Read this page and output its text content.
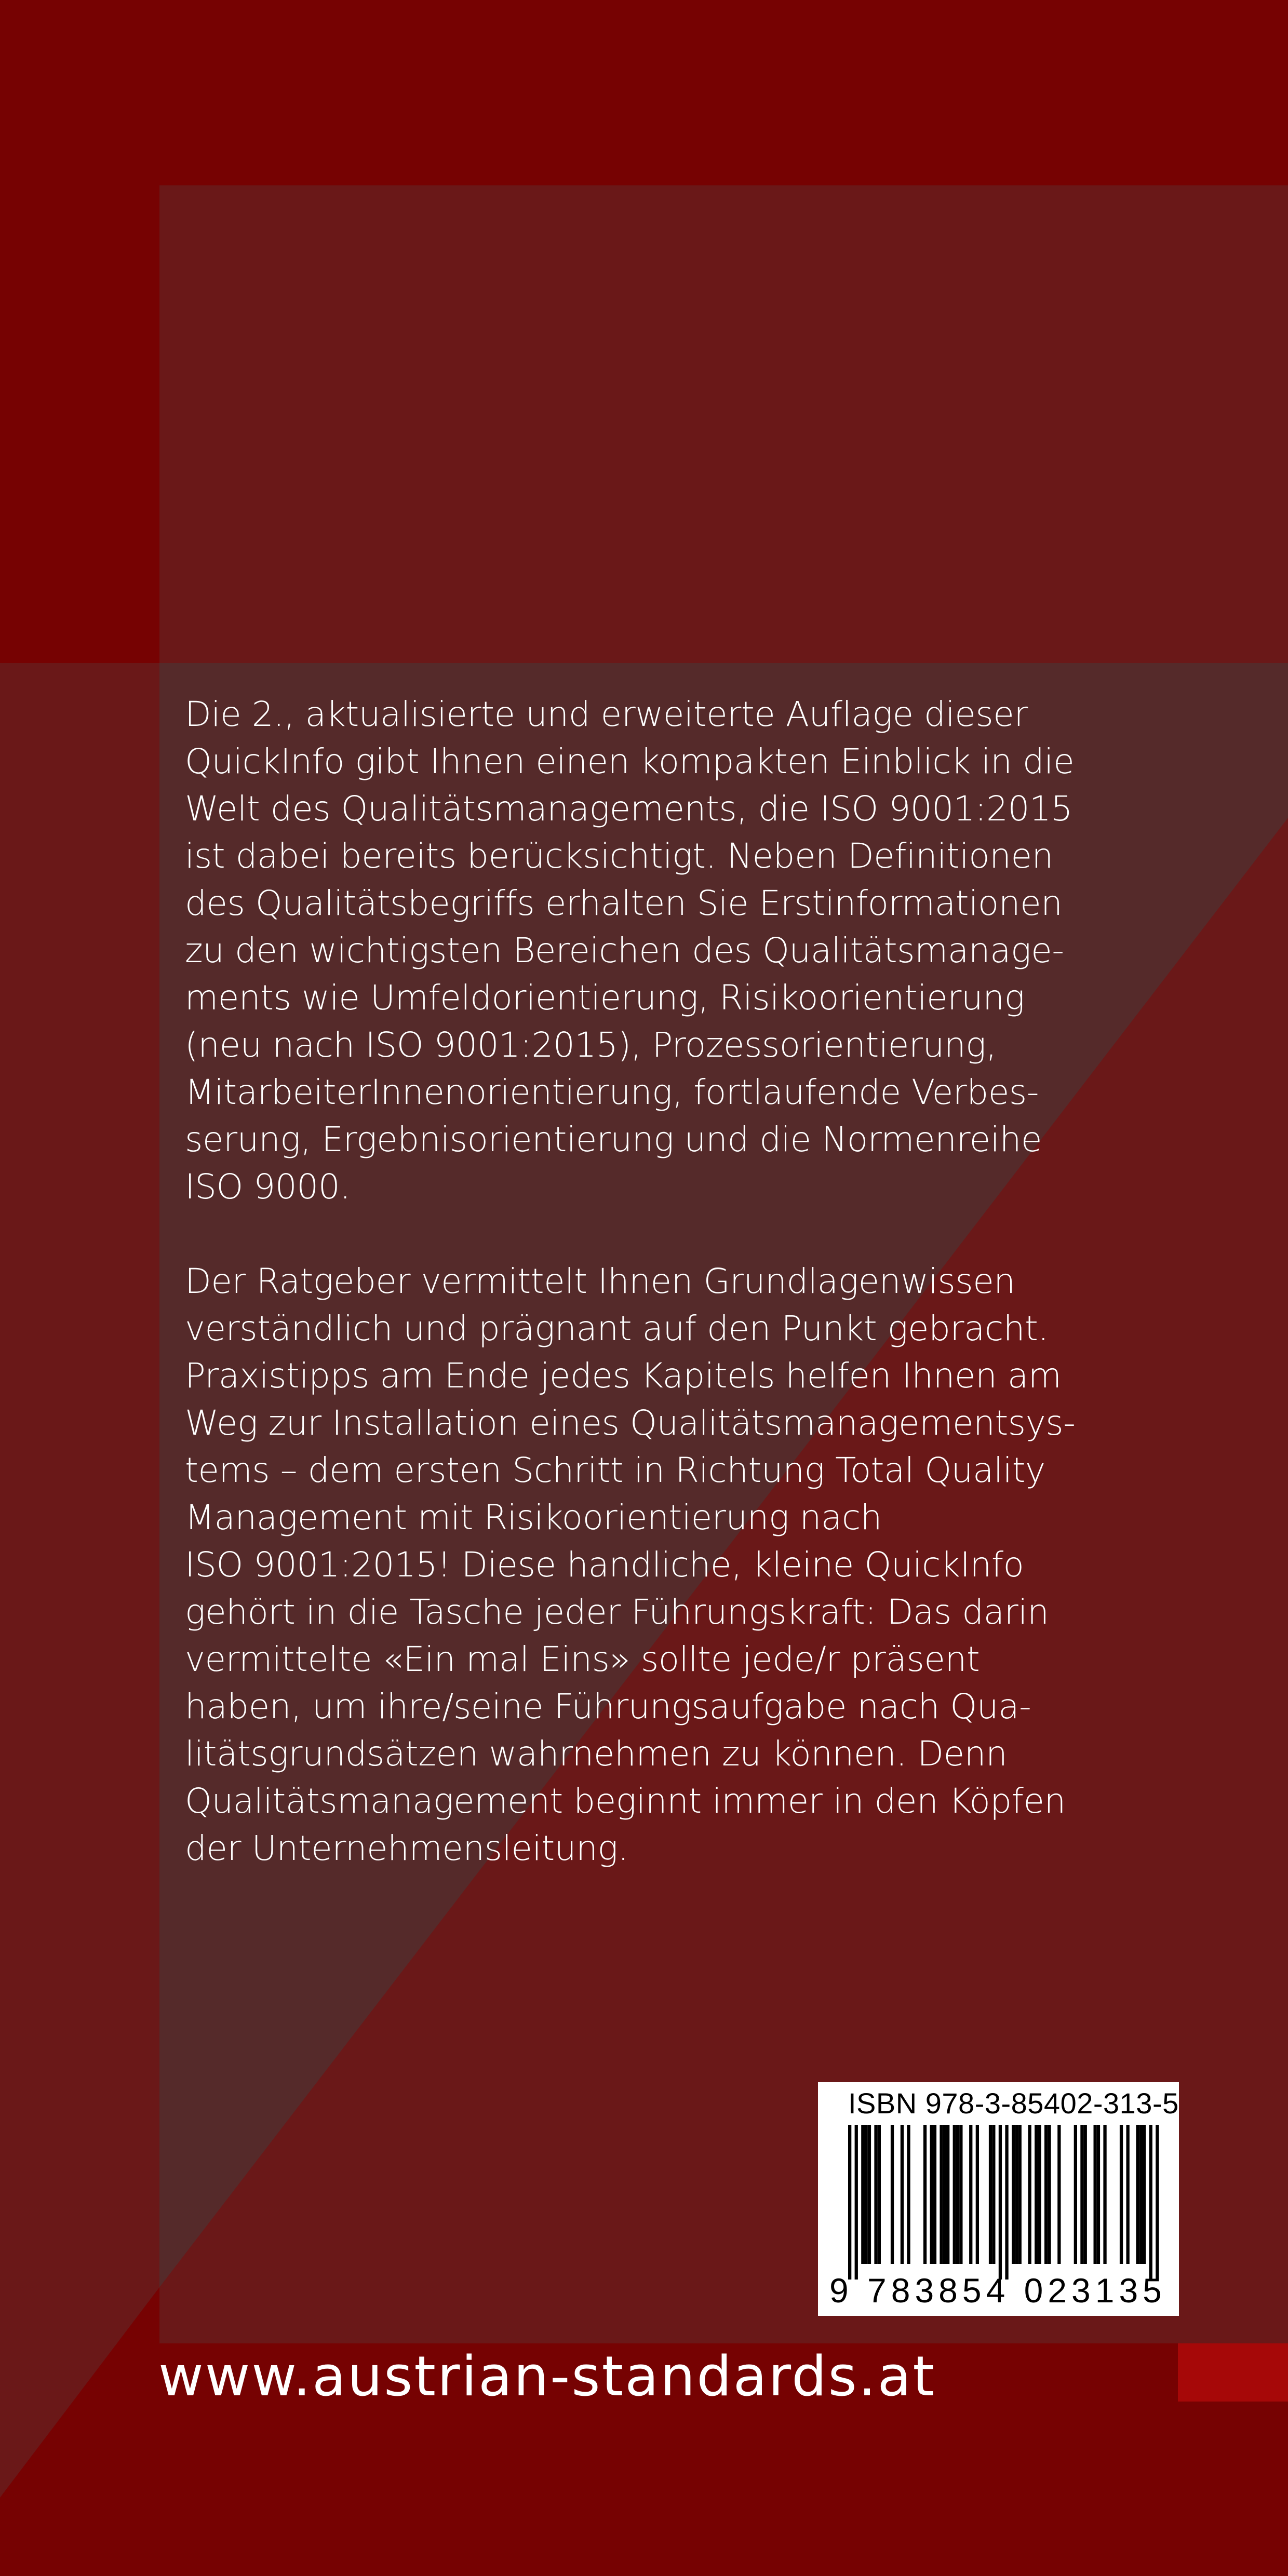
Die 2., aktualisierte und erweiterte Auflage dieser
QuickInfo gibt Ihnen einen kompakten Einblick in die
Welt des Qualitätsmanagements, die ISO 9001:2015
ist dabei bereits berücksichtigt. Neben Definitionen
des Qualitätsbegriffs erhalten Sie Erstinformationen
zu den wichtigsten Bereichen des Qualitätsmanage-
ments wie Umfeldorientierung, Risikoorientierung
(neu nach ISO 9001:2015), Prozessorientierung,
MitarbeiterInnenorientierung, fortlaufende Verbes-
serung, Ergebnisorientierung und die Normenreihe
ISO 9000.

Der Ratgeber vermittelt Ihnen Grundlagenwissen
verständlich und prägnant auf den Punkt gebracht.
Praxistipps am Ende jedes Kapitels helfen Ihnen am
Weg zur Installation eines Qualitätsmanagementsys-
tems – dem ersten Schritt in Richtung Total Quality
Management mit Risikoorientierung nach
ISO 9001:2015! Diese handliche, kleine QuickInfo
gehört in die Tasche jeder Führungskraft: Das darin
vermittelte «Ein mal Eins» sollte jede/r präsent
haben, um ihre/seine Führungsaufgabe nach Qua-
litätsgrundsätzen wahrnehmen zu können. Denn
Qualitätsmanagement beginnt immer in den Köpfen
der Unternehmensleitung.

ISBN 978-3-85402-313-5
9 783854 023135
www.austrian-standards.at
